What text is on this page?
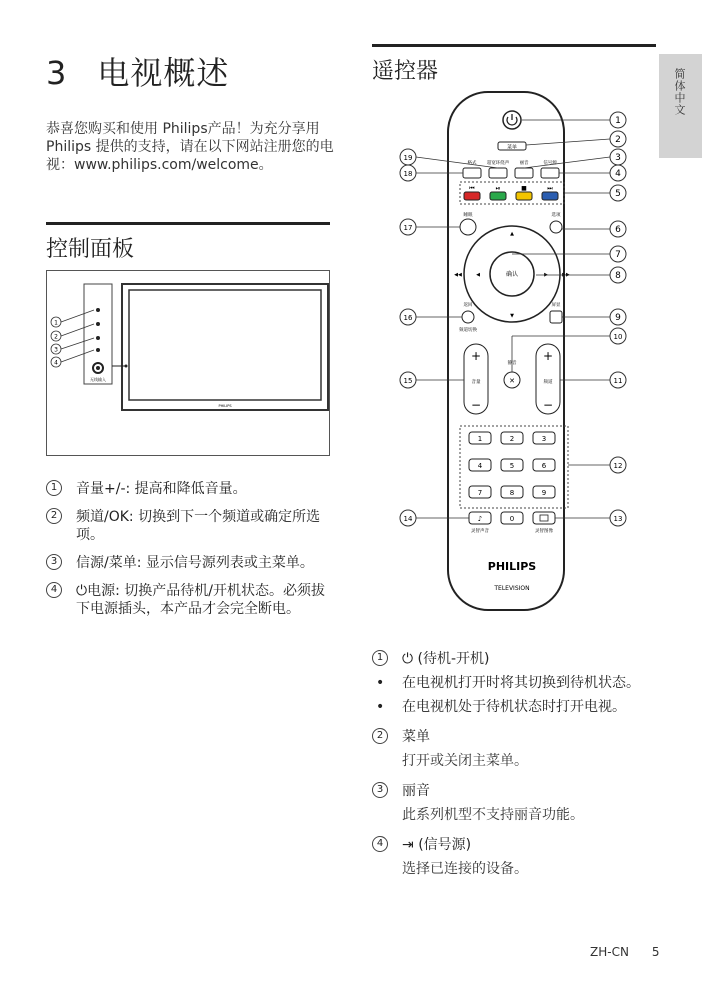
3 电视概述
恭喜您购买和使用 Philips产品！为充分享用Philips 提供的支持，请在以下网站注册您的电视：www.philips.com/welcome。
简体中文
控制面板
无线输入
PHILIPS
1
2
3
4
1	音量+/-: 提高和降低音量。
2	频道/OK: 切换到下一个频道或确定所选项。
3	信源/菜单: 显示信号源列表或主菜单。
4	⏻电源: 切换产品待机/开机状态。必须拔下电源插头，本产品才会完全断电。
遥控器
菜单
格式 超宽环绕声 丽音	信号源
⏮	⏯	■	⏭
睡眠	选项
确认
▲
▼
◀	▶
◀◀	▶▶
返回
频道切换
屏显
+
−
音量
+
−
频道
静音
✕
1	2	3
4	5	6
7	8	9
0
♪
灵智声音	灵智图像
PHILIPS
TELEVISION
1
2
3
4
5
6
7
8
9
10
11
12
13
14
15
16
17
18
19
1	⏻ (待机-开机)
• 在电视机打开时将其切换到待机状态。
• 在电视机处于待机状态时打开电视。
2	菜单
打开或关闭主菜单。
3	丽音
此系列机型不支持丽音功能。
4	⇥ (信号源)
选择已连接的设备。
ZH-CN 5
